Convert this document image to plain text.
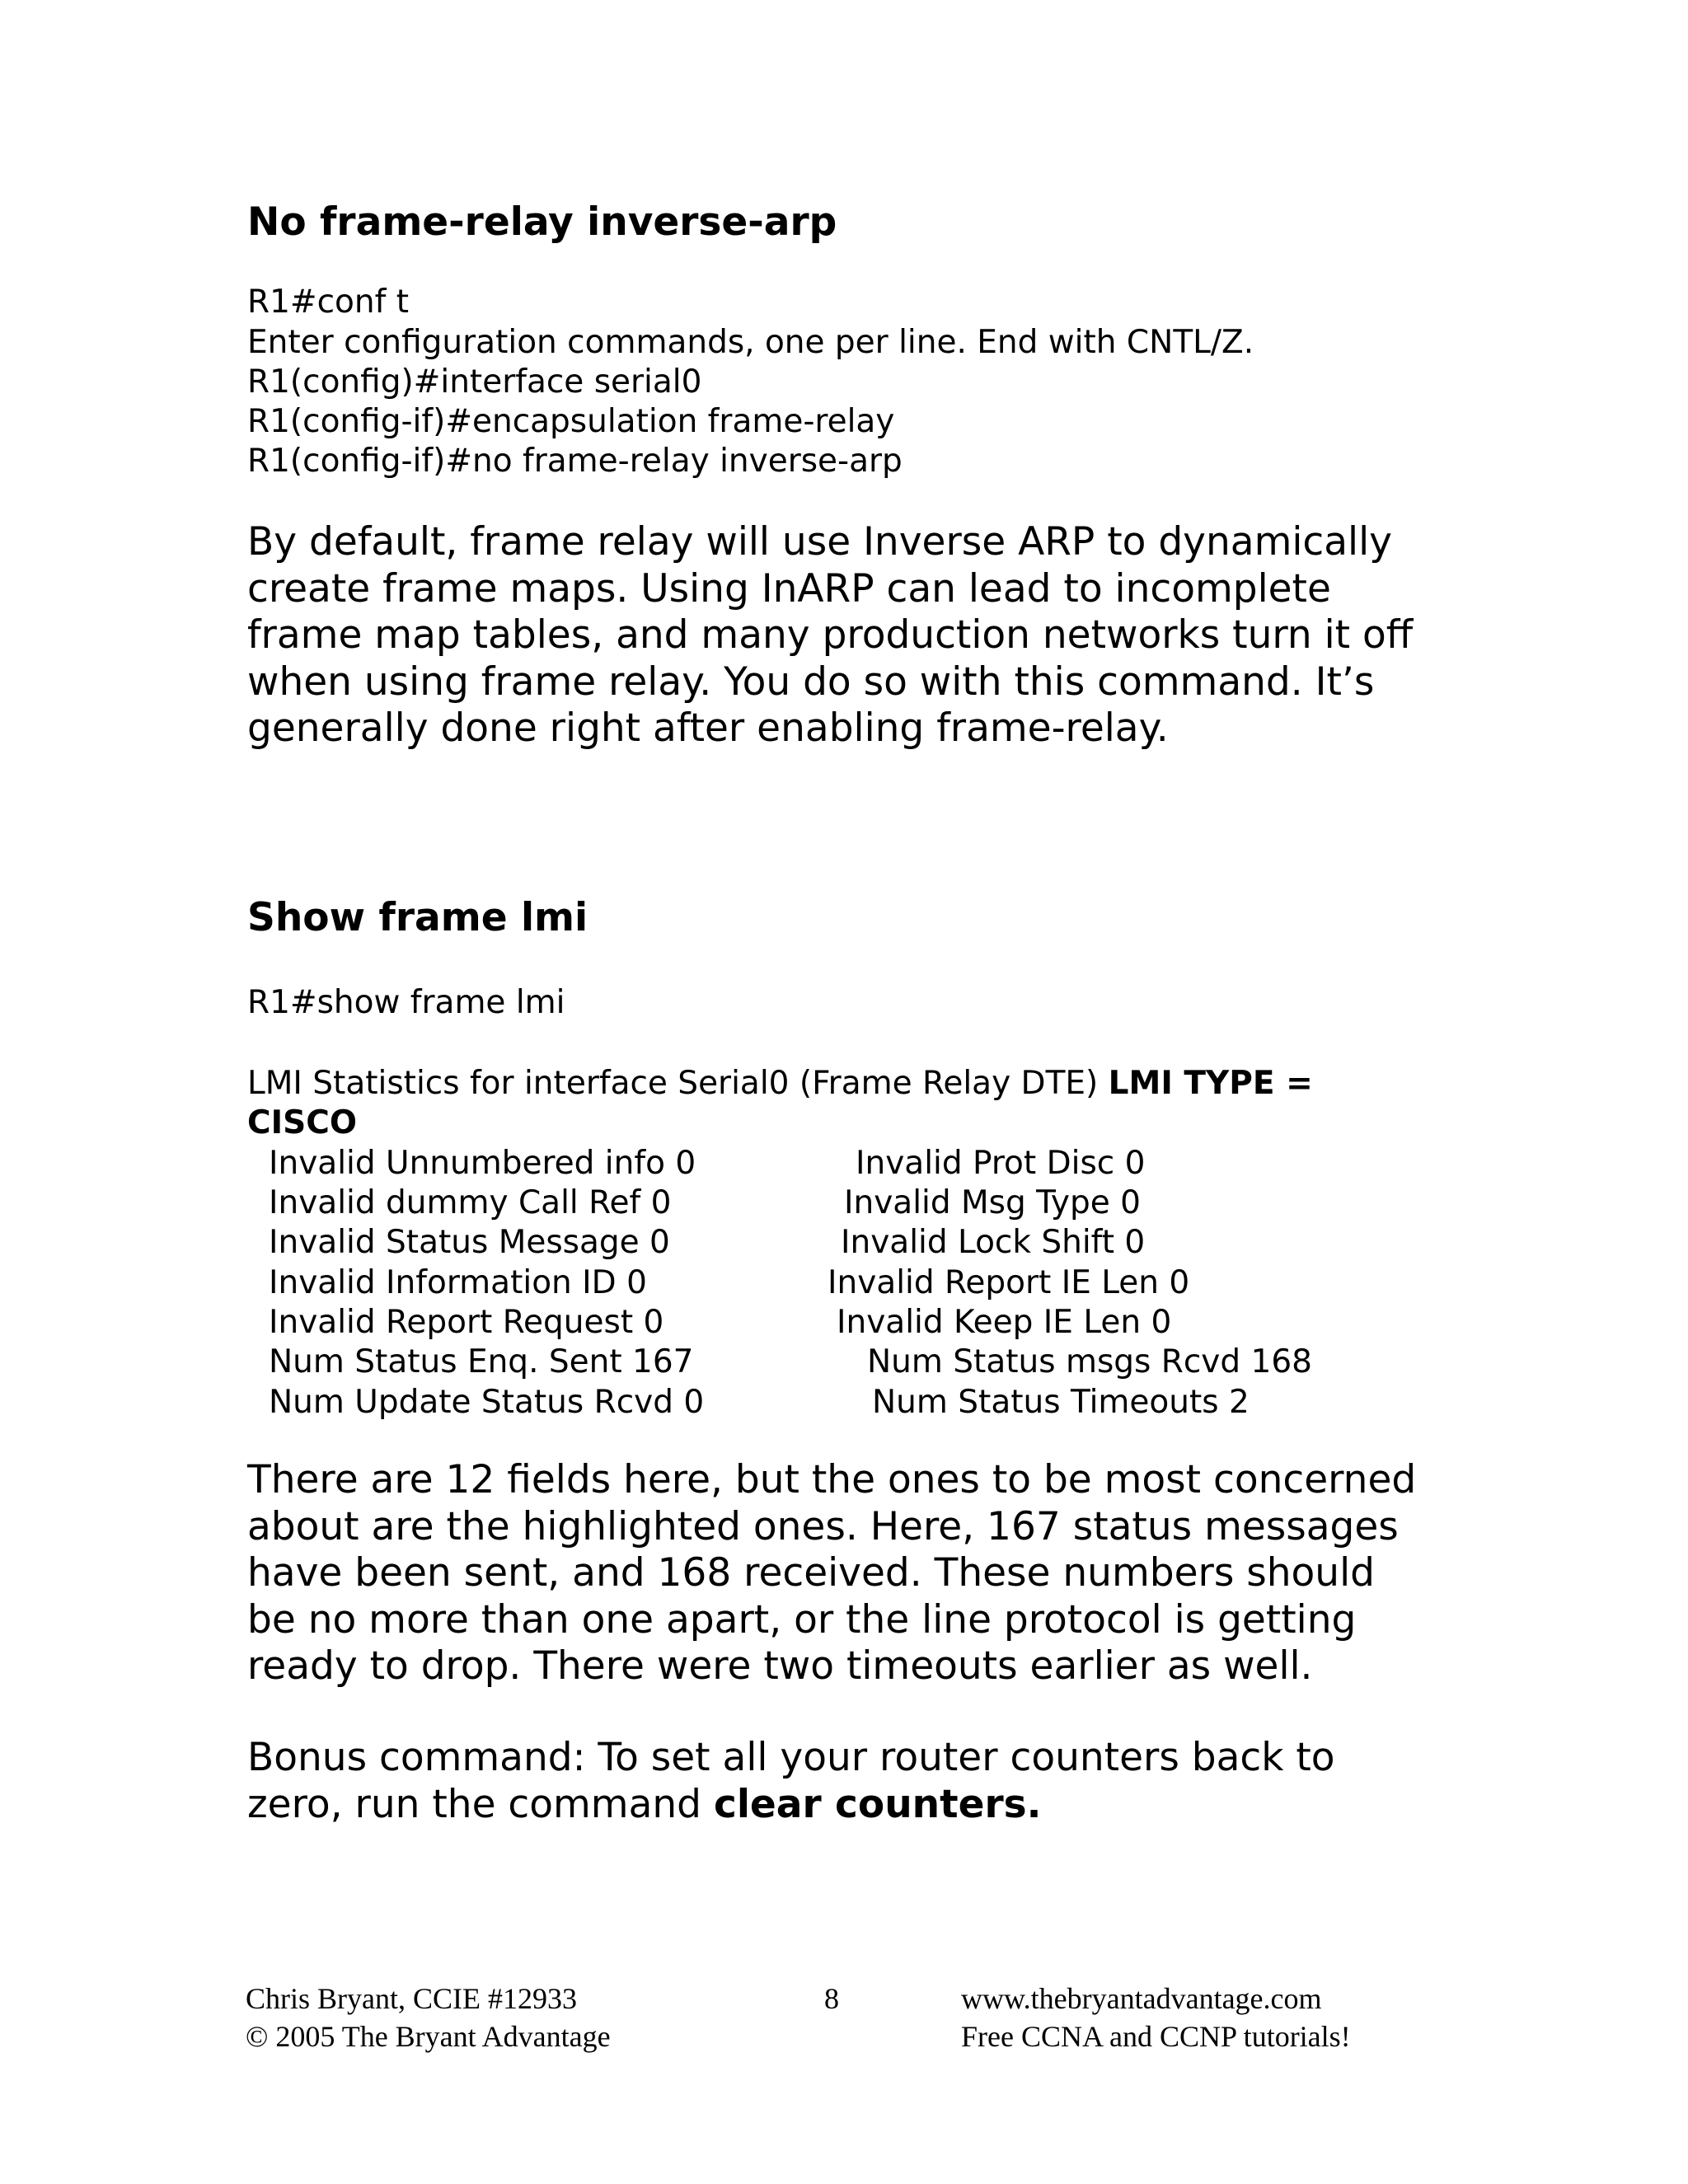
No frame-relay inverse-arp
R1#conf t
Enter configuration commands, one per line. End with CNTL/Z.
R1(config)#interface serial0
R1(config-if)#encapsulation frame-relay
R1(config-if)#no frame-relay inverse-arp

By default, frame relay will use Inverse ARP to dynamically
create frame maps. Using InARP can lead to incomplete
frame map tables, and many production networks turn it off
when using frame relay. You do so with this command. It’s
generally done right after enabling frame-relay.

Show frame lmi
R1#show frame lmi
LMI Statistics for interface Serial0 (Frame Relay DTE) LMI TYPE =
CISCO
Invalid Unnumbered info 0
Invalid dummy Call Ref 0
Invalid Status Message 0
Invalid Information ID 0
Invalid Report Request 0
Num Status Enq. Sent 167
Num Update Status Rcvd 0
Invalid Prot Disc 0
Invalid Msg Type 0
Invalid Lock Shift 0
Invalid Report IE Len 0
Invalid Keep IE Len 0
Num Status msgs Rcvd 168
Num Status Timeouts 2

There are 12 fields here, but the ones to be most concerned
about are the highlighted ones. Here, 167 status messages
have been sent, and 168 received. These numbers should
be no more than one apart, or the line protocol is getting
ready to drop. There were two timeouts earlier as well.

Bonus command: To set all your router counters back to
zero, run the command clear counters.

Chris Bryant, CCIE #12933
© 2005 The Bryant Advantage
8	www.thebryantadvantage.com
Free CCNA and CCNP tutorials!
